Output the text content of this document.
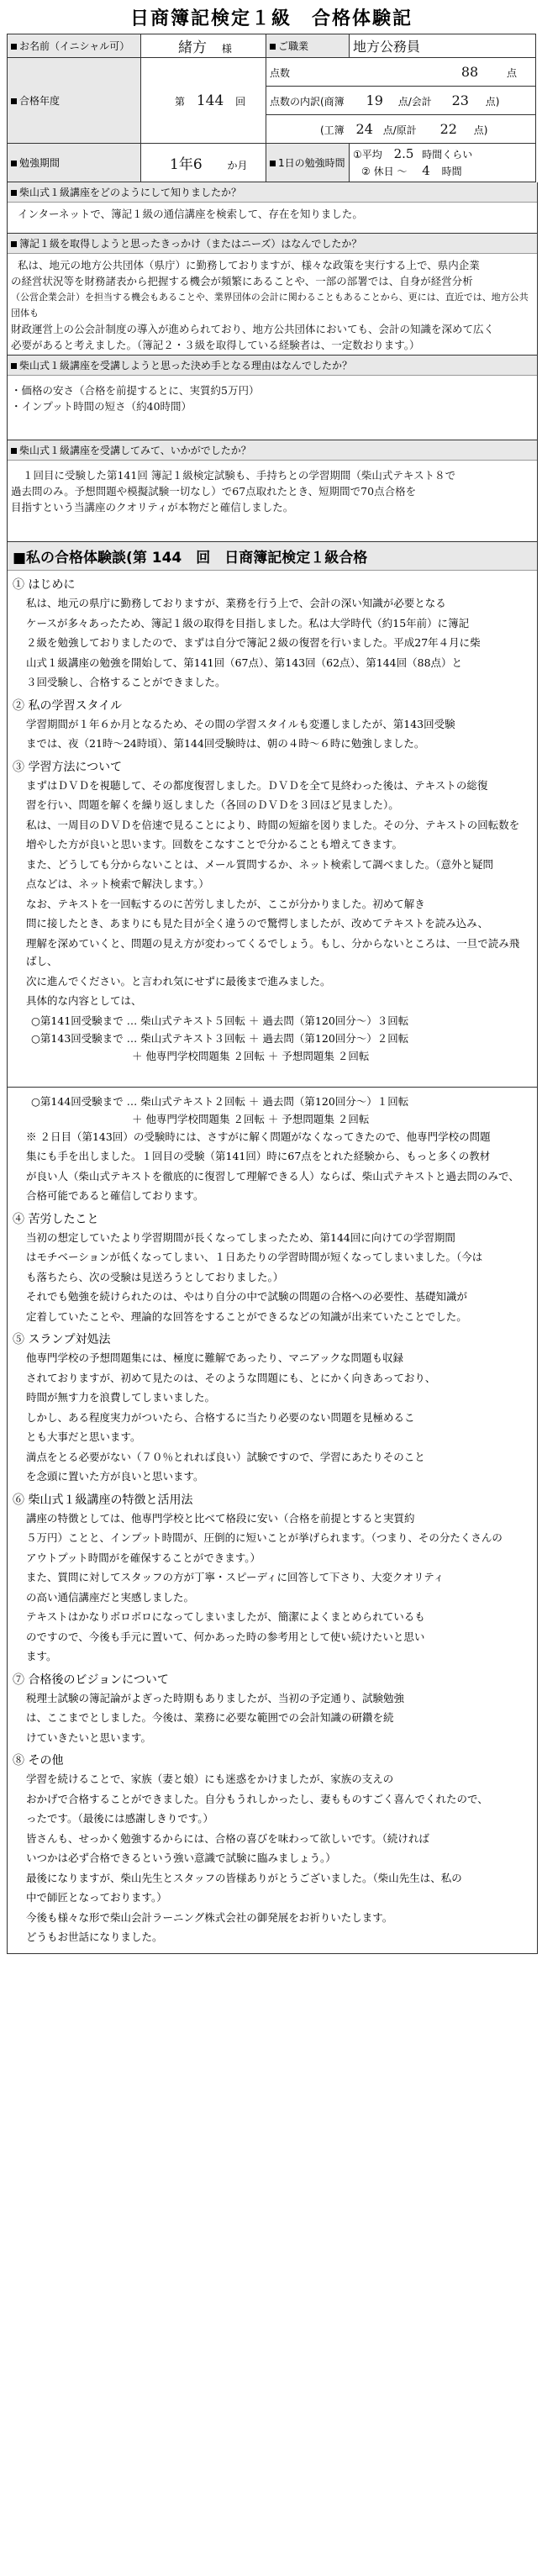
日商簿記検定１級　合格体験記
お名前（イニシャル可）	緒方 様	ご職業	地方公務員
合格年度	第 144 回	点数 88 点	
		点数の内訳(商簿 19 点/会計 23 点)	
		(工簿 24 点/原計 22 点)	
勉強期間	1年6 か月	1日の勉強時間	①平均 2.5 時間くらい
② 休日 ～ 4 時間
柴山式１級講座をどのようにして知りましたか？
インターネットで、簿記１級の通信講座を検索して、存在を知りました。
簿記１級を取得しようと思ったきっかけ（またはニーズ）はなんでしたか？
私は、地元の地方公共団体（県庁）に勤務しておりますが、様々な政策を実行する上で、県内企業
の経営状況等を財務諸表から把握する機会が頻繁にあることや、一部の部署では、自身が経営分析
（公営企業会計）を担当する機会もあることや、業界団体の会計に関わることもあることから、更には、直近では、地方公共団体も
財政運営上の公会計制度の導入が進められており、地方公共団体においても、会計の知識を深めて広く
必要があると考えました。（簿記２・３級を取得している経験者は、一定数おります。）
柴山式１級講座を受講しようと思った決め手となる理由はなんでしたか？
・価格の安さ（合格を前提するとに、実質約5万円）
・インプット時間の短さ（約40時間）
柴山式１級講座を受講してみて、いかがでしたか？
１回目に受験した第141回 簿記１級検定試験も、手持ちとの学習期間（柴山式テキスト８で
過去問のみ。予想問題や模擬試験一切なし）で67点取れたとき、短期間で70点合格を
目指すという当講座のクオリティが本物だと確信しました。
■私の合格体験談(第 144　回　日商簿記検定１級合格
① はじめに
私は、地元の県庁に勤務しておりますが、業務を行う上で、会計の深い知識が必要となる
ケースが多々あったため、簿記１級の取得を目指しました。私は大学時代（約15年前）に簿記
２級を勉強しておりましたので、まずは自分で簿記２級の復習を行いました。平成27年４月に柴
山式１級講座の勉強を開始して、第141回（67点）、第143回（62点）、第144回（88点）と
３回受験し、合格することができました。
② 私の学習スタイル
学習期間が１年６か月となるため、その間の学習スタイルも変遷しましたが、第143回受験
までは、夜（21時～24時頃）、第144回受験時は、朝の４時～６時に勉強しました。
③ 学習方法について
まずはＤＶＤを視聴して、その都度復習しました。ＤＶＤを全て見終わった後は、テキストの総復
習を行い、問題を解くを繰り返しました（各回のＤＶＤを３回ほど見ました）。
私は、一周目のＤＶＤを倍速で見ることにより、時間の短縮を図りました。その分、テキストの回転数を
増やした方が良いと思います。回数をこなすことで分かることも増えてきます。
また、どうしても分からないことは、メール質問するか、ネット検索して調べました。（意外と疑問
点などは、ネット検索で解決します。）
なお、テキストを一回転するのに苦労しましたが、ここが分かりました。初めて解き
問に接したとき、あまりにも見た目が全く違うので驚愕しましたが、改めてテキストを読み込み、
理解を深めていくと、問題の見え方が変わってくるでしょう。もし、分からないところは、一旦で読み飛ばし、
次に進んでください。と言われ気にせずに最後まで進みました。
具体的な内容としては、
○第141回受験まで … 柴山式テキスト５回転 ＋ 過去問（第120回分～）３回転
○第143回受験まで … 柴山式テキスト３回転 ＋ 過去問（第120回分～）２回転
＋ 他専門学校問題集 ２回転 ＋ 予想問題集 ２回転
○第144回受験まで … 柴山式テキスト２回転 ＋ 過去問（第120回分～）１回転
＋ 他専門学校問題集 ２回転 ＋ 予想問題集 ２回転
※ ２日目（第143回）の受験時には、さすがに解く問題がなくなってきたので、他専門学校の問題
集にも手を出しました。１回目の受験（第141回）時に67点をとれた経験から、もっと多くの教材
が良い人（柴山式テキストを徹底的に復習して理解できる人）ならば、柴山式テキストと過去問のみで、
合格可能であると確信しております。
④ 苦労したこと
当初の想定していたより学習期間が長くなってしまったため、第144回に向けての学習期間
はモチベーションが低くなってしまい、１日あたりの学習時間が短くなってしまいました。（今は
も落ちたら、次の受験は見送ろうとしておりました。）
それでも勉強を続けられたのは、やはり自分の中で試験の問題の合格への必要性、基礎知識が
定着していたことや、理論的な回答をすることができるなどの知識が出来ていたことでした。
⑤ スランプ対処法
他専門学校の予想問題集には、極度に難解であったり、マニアックな問題も収録
されておりますが、初めて見たのは、そのような問題にも、とにかく向きあっており、
時間が無す力を浪費してしまいました。
しかし、ある程度実力がついたら、合格するに当たり必要のない問題を見極めるこ
とも大事だと思います。
満点をとる必要がない（７０％とれれば良い）試験ですので、学習にあたりそのこと
を念頭に置いた方が良いと思います。
⑥ 柴山式１級講座の特徴と活用法
講座の特徴としては、他専門学校と比べて格段に安い（合格を前提とすると実質約
５万円）ことと、インプット時間が、圧倒的に短いことが挙げられます。（つまり、その分たくさんの
アウトプット時間がを確保することができます。）
また、質問に対してスタッフの方が丁寧・スピーディに回答して下さり、大変クオリティ
の高い通信講座だと実感しました。
テキストはかなりボロボロになってしまいましたが、簡潔によくまとめられているも
のですので、今後も手元に置いて、何かあった時の参考用として使い続けたいと思い
ます。
⑦ 合格後のビジョンについて
税理士試験の簿記論がよぎった時期もありましたが、当初の予定通り、試験勉強
は、ここまでとしました。今後は、業務に必要な範囲での会計知識の研鑽を続
けていきたいと思います。
⑧ その他
学習を続けることで、家族（妻と娘）にも迷惑をかけましたが、家族の支えの
おかげで合格することができました。自分もうれしかったし、妻もものすごく喜んでくれたので、
ったです。（最後には感謝しきりです。）
皆さんも、せっかく勉強するからには、合格の喜びを味わって欲しいです。（続ければ
いつかは必ず合格できるという強い意識で試験に臨みましょう。）
最後になりますが、柴山先生とスタッフの皆様ありがとうございました。（柴山先生は、私の
中で師匠となっております。）
今後も様々な形で柴山会計ラーニング株式会社の御発展をお祈りいたします。
どうもお世話になりました。
